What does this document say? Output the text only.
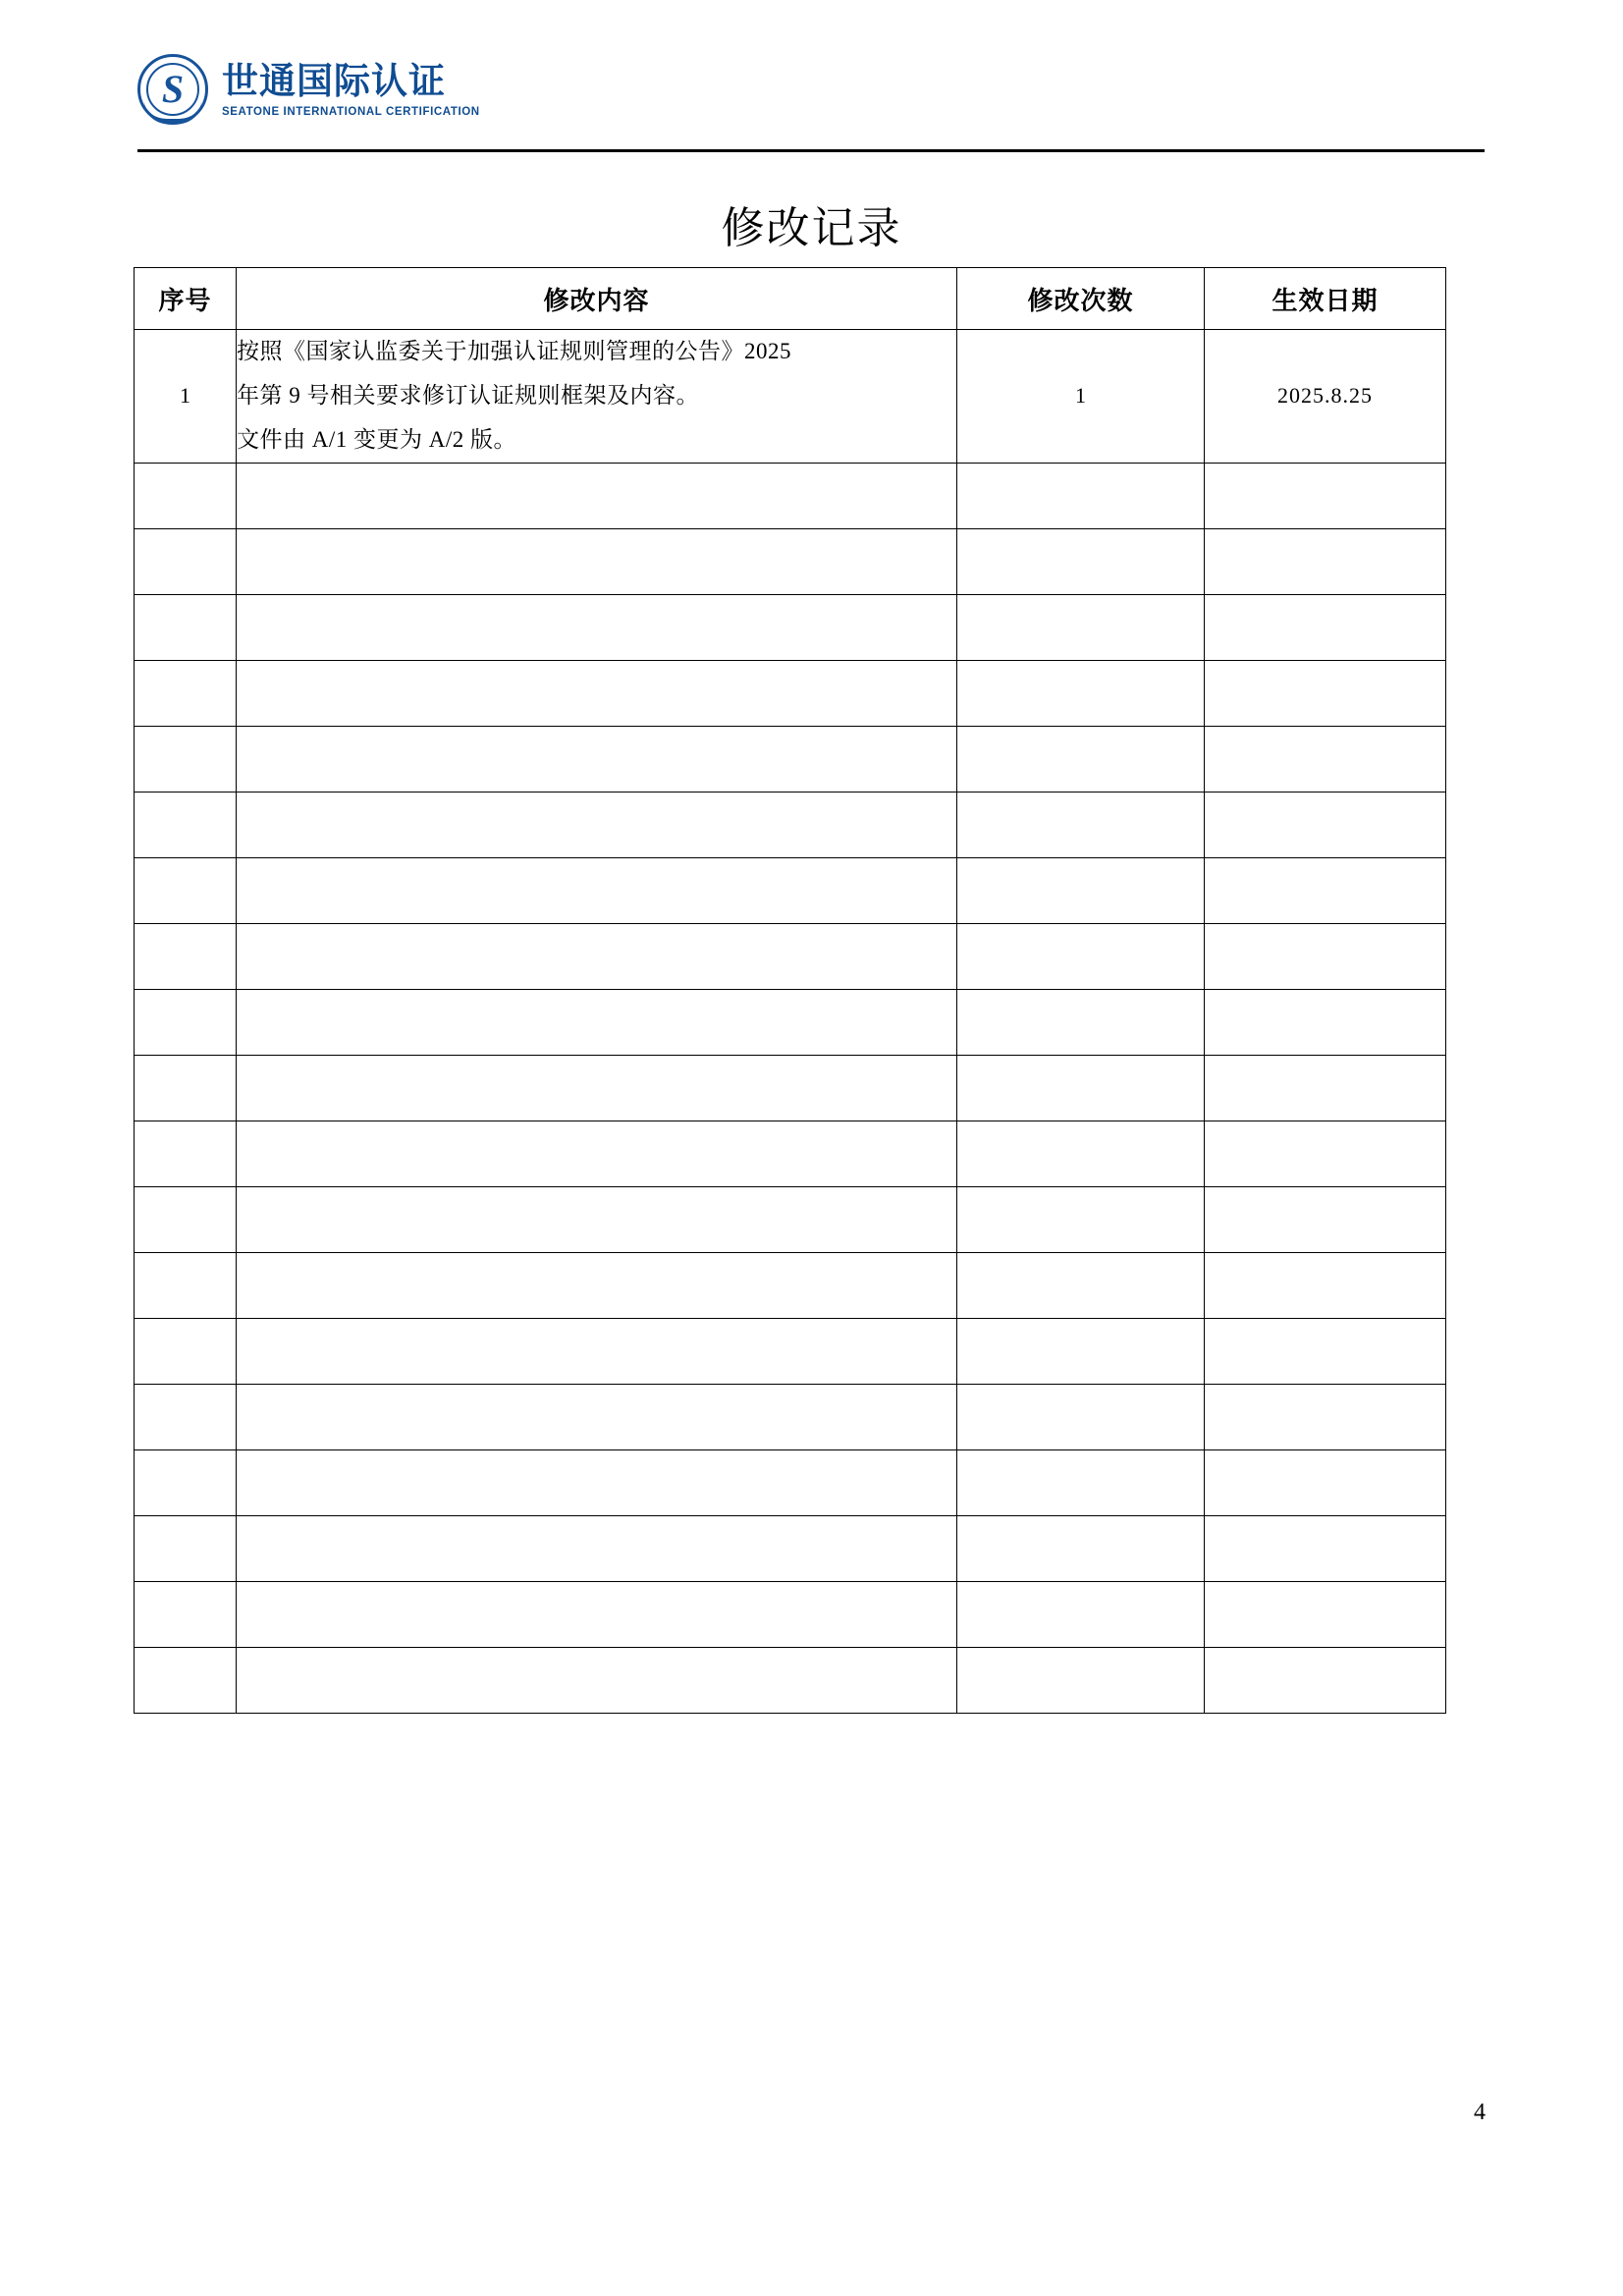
S	世通国际认证
SEATONE INTERNATIONAL CERTIFICATION
修改记录
序号	修改内容	修改次数	生效日期
1	按照《国家认监委关于加强认证规则管理的公告》2025
年第 9 号相关要求修订认证规则框架及内容。
文件由 A/1 变更为 A/2 版。	1	2025.8.25

4
